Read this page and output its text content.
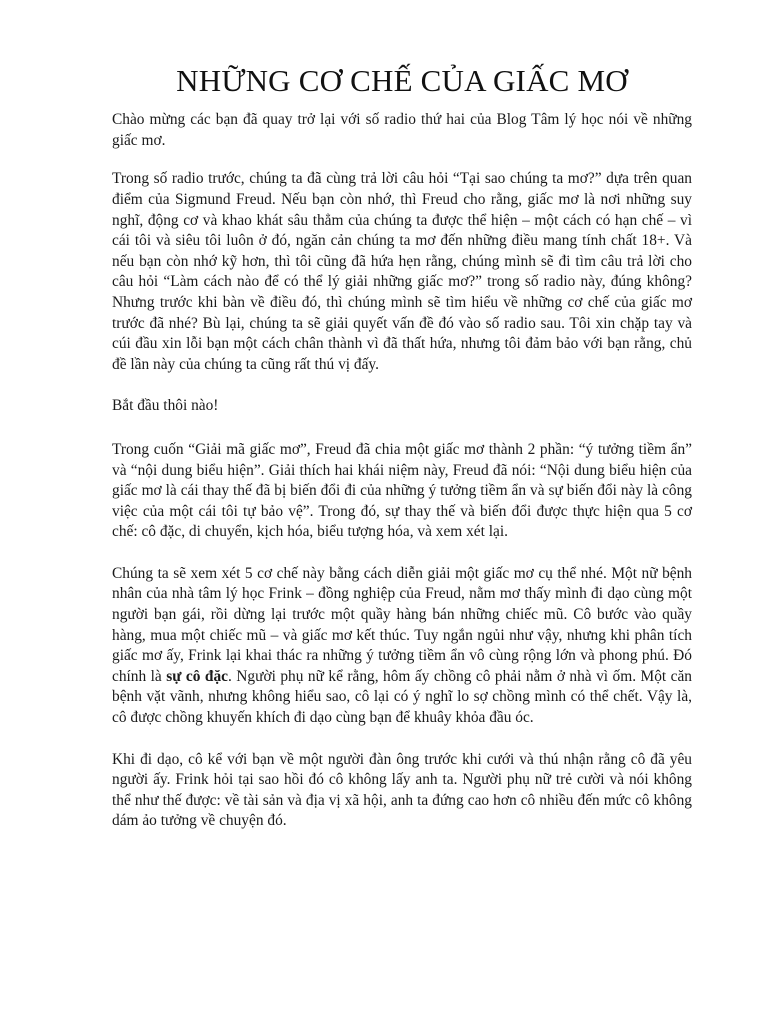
NHỮNG CƠ CHẾ CỦA GIẤC MƠ

Chào mừng các bạn đã quay trở lại với số radio thứ hai của Blog Tâm lý học nói về những giấc mơ.

Trong số radio trước, chúng ta đã cùng trả lời câu hỏi “Tại sao chúng ta mơ?” dựa trên quan điểm của Sigmund Freud. Nếu bạn còn nhớ, thì Freud cho rằng, giấc mơ là nơi những suy nghĩ, động cơ và khao khát sâu thẳm của chúng ta được thể hiện – một cách có hạn chế – vì cái tôi và siêu tôi luôn ở đó, ngăn cản chúng ta mơ đến những điều mang tính chất 18+. Và nếu bạn còn nhớ kỹ hơn, thì tôi cũng đã hứa hẹn rằng, chúng mình sẽ đi tìm câu trả lời cho câu hỏi “Làm cách nào để có thể lý giải những giấc mơ?” trong số radio này, đúng không? Nhưng trước khi bàn về điều đó, thì chúng mình sẽ tìm hiểu về những cơ chế của giấc mơ trước đã nhé? Bù lại, chúng ta sẽ giải quyết vấn đề đó vào số radio sau. Tôi xin chặp tay và cúi đầu xin lỗi bạn một cách chân thành vì đã thất hứa, nhưng tôi đảm bảo với bạn rằng, chủ đề lần này của chúng ta cũng rất thú vị đấy.

Bắt đầu thôi nào!

Trong cuốn “Giải mã giấc mơ”, Freud đã chia một giấc mơ thành 2 phần: “ý tưởng tiềm ẩn” và “nội dung biểu hiện”. Giải thích hai khái niệm này, Freud đã nói: “Nội dung biểu hiện của giấc mơ là cái thay thế đã bị biến đổi đi của những ý tưởng tiềm ẩn và sự biến đổi này là công việc của một cái tôi tự bảo vệ”. Trong đó, sự thay thế và biến đổi được thực hiện qua 5 cơ chế: cô đặc, di chuyển, kịch hóa, biểu tượng hóa, và xem xét lại.

Chúng ta sẽ xem xét 5 cơ chế này bằng cách diễn giải một giấc mơ cụ thể nhé. Một nữ bệnh nhân của nhà tâm lý học Frink – đồng nghiệp của Freud, nằm mơ thấy mình đi dạo cùng một người bạn gái, rồi dừng lại trước một quầy hàng bán những chiếc mũ. Cô bước vào quầy hàng, mua một chiếc mũ – và giấc mơ kết thúc. Tuy ngắn ngủi như vậy, nhưng khi phân tích giấc mơ ấy, Frink lại khai thác ra những ý tưởng tiềm ẩn vô cùng rộng lớn và phong phú. Đó chính là sự cô đặc. Người phụ nữ kể rằng, hôm ấy chồng cô phải nằm ở nhà vì ốm. Một căn bệnh vặt vãnh, nhưng không hiểu sao, cô lại có ý nghĩ lo sợ chồng mình có thể chết. Vậy là, cô được chồng khuyến khích đi dạo cùng bạn để khuây khỏa đầu óc.

Khi đi dạo, cô kể với bạn về một người đàn ông trước khi cưới và thú nhận rằng cô đã yêu người ấy. Frink hỏi tại sao hồi đó cô không lấy anh ta. Người phụ nữ trẻ cười và nói không thể như thế được: về tài sản và địa vị xã hội, anh ta đứng cao hơn cô nhiều đến mức cô không dám ảo tưởng về chuyện đó.
